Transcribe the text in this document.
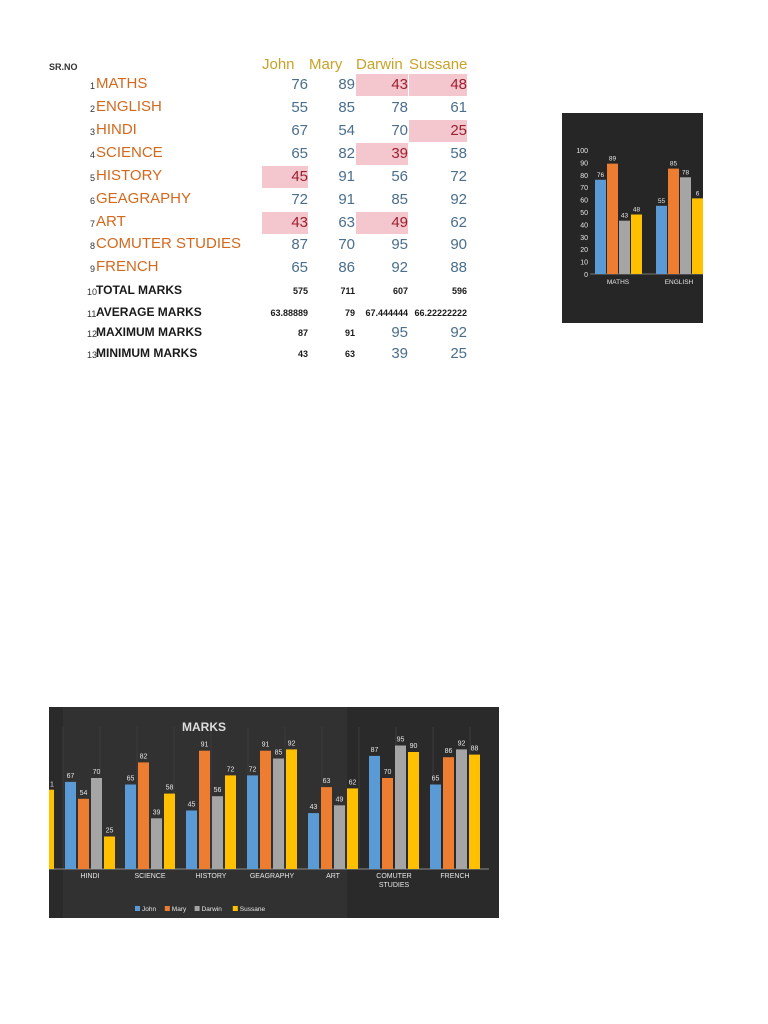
SR.NO	John Mary Darwin Sussane
1 MATHS	76	89	43	48
2 ENGLISH	55	85	78	61
3 HINDI	67	54	70	25
4 SCIENCE	65	82	39	58
5 HISTORY	45	91	56	72
6 GEAGRAPHY	72	91	85	92
7 ART	43	63	49	62
8 COMUTER STUDIES	87	70	95	90
9 FRENCH	65	86	92	88
10
TOTAL MARKS	575	711	607	596
11 AVERAGE MARKS	63.88889	79	67.444444 66.22222222
12
MAXIMUM MARKS	87	91	95	92
13
MINIMUM MARKS	43	63	39	25
0
10
20
30
40
50
60
70
80
90
100
76
89
43
48
MATHS
55
85
78
6
ENGLISH
MARKS
1
67
54
70
25
HINDI
65
82
39
58
SCIENCE
45
91
56
72
HISTORY
72
91
85
92
GEAGRAPHY
43
63
49
62
ART
87
70
95
90
COMUTER
STUDIES
65
86
92
88
FRENCH
John Mary Darwin	Sussane
